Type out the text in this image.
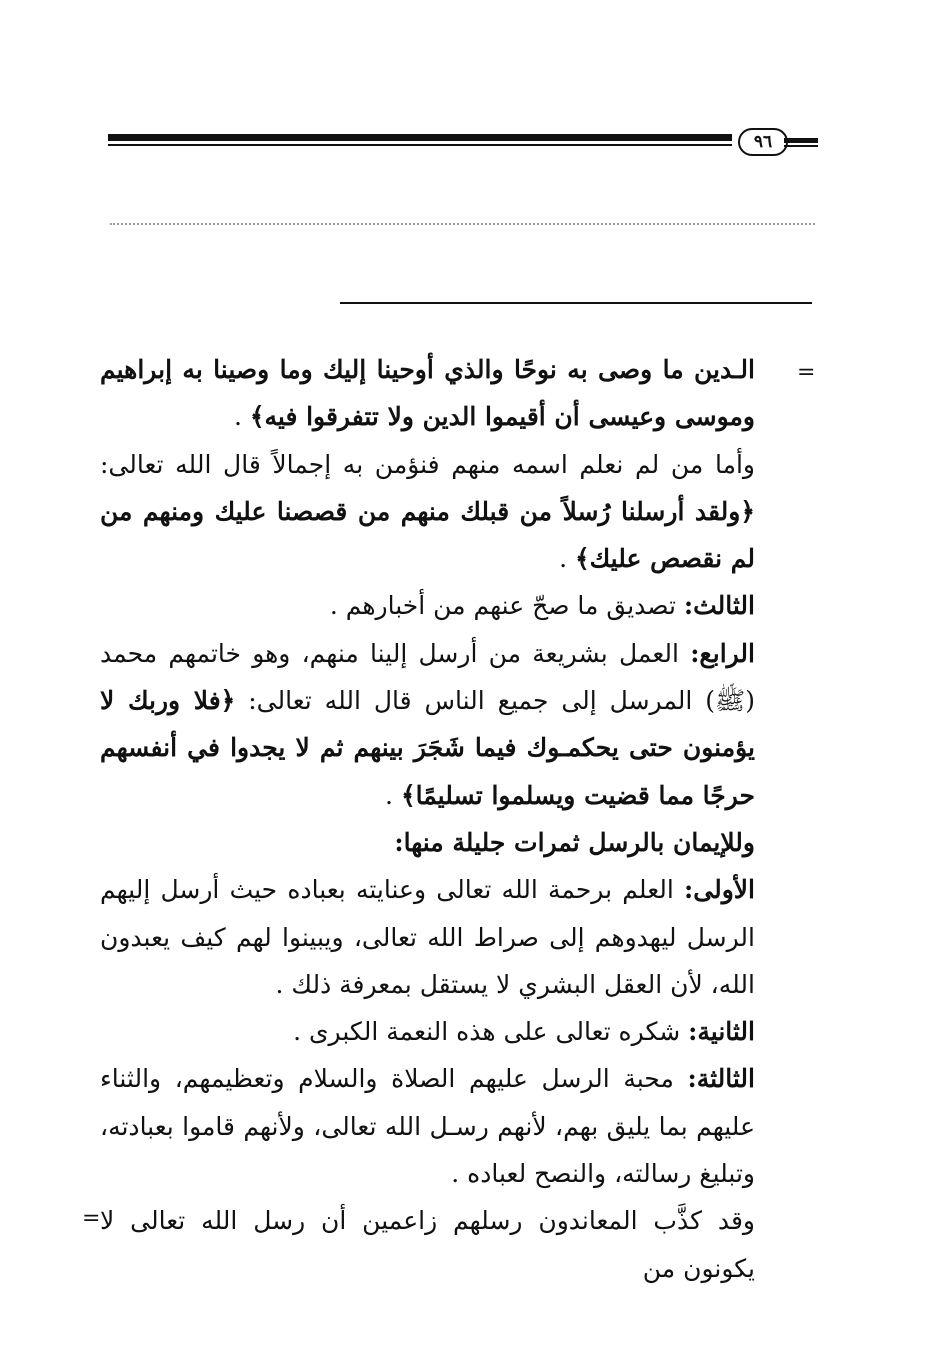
٩٦
=
=

الـدين ما وصى به نوحًا والذي أوحينا إليك وما وصينا به إبراهيم وموسى وعيسى أن أقيموا الدين ولا تتفرقوا فيه﴾ .

وأما من لم نعلم اسمه منهم فنؤمن به إجمالاً قال الله تعالى: ﴿ولقد أرسلنا رُسلاً من قبلك منهم من قصصنا عليك ومنهم من لم نقصص عليك﴾ .

الثالث: تصديق ما صحّ عنهم من أخبارهم .

الرابع: العمل بشريعة من أرسل إلينا منهم، وهو خاتمهم محمد (ﷺ) المرسل إلى جميع الناس قال الله تعالى: ﴿فلا وربك لا يؤمنون حتى يحكمـوك فيما شَجَرَ بينهم ثم لا يجدوا في أنفسهم حرجًا مما قضيت ويسلموا تسليمًا﴾ .

وللإيمان بالرسل ثمرات جليلة منها:

الأولى: العلم برحمة الله تعالى وعنايته بعباده حيث أرسل إليهم الرسل ليهدوهم إلى صراط الله تعالى، ويبينوا لهم كيف يعبدون الله، لأن العقل البشري لا يستقل بمعرفة ذلك .

الثانية: شكره تعالى على هذه النعمة الكبرى .

الثالثة: محبة الرسل عليهم الصلاة والسلام وتعظيمهم، والثناء عليهم بما يليق بهم، لأنهم رسـل الله تعالى، ولأنهم قاموا بعبادته، وتبليغ رسالته، والنصح لعباده .

وقد كذَّب المعاندون رسلهم زاعمين أن رسل الله تعالى لا يكونون من
